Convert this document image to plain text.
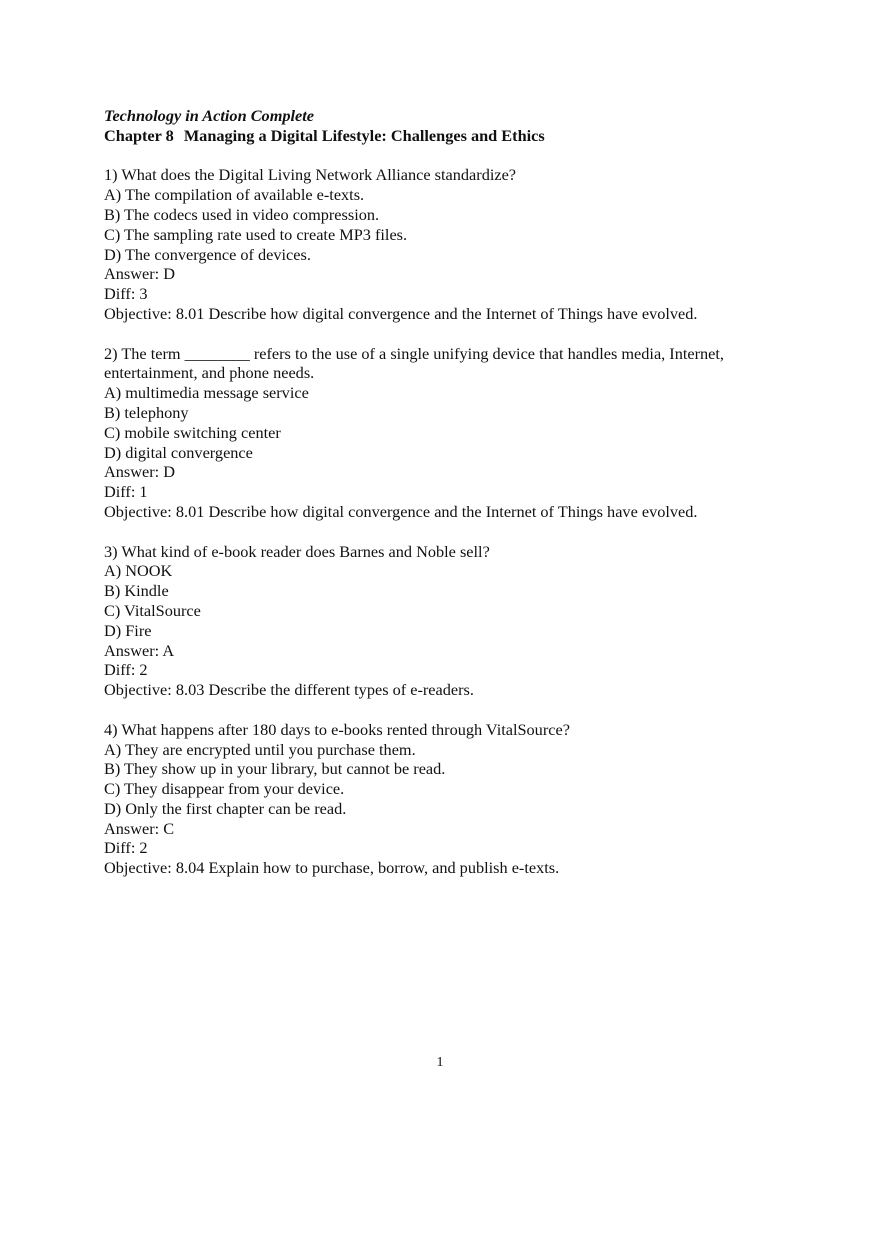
Technology in Action Complete

Chapter 8 Managing a Digital Lifestyle: Challenges and Ethics

1) What does the Digital Living Network Alliance standardize?

A) The compilation of available e-texts.

B) The codecs used in video compression.

C) The sampling rate used to create MP3 files.

D) The convergence of devices.

Answer: D

Diff: 3

Objective: 8.01 Describe how digital convergence and the Internet of Things have evolved.

2) The term ________ refers to the use of a single unifying device that handles media, Internet, entertainment, and phone needs.

A) multimedia message service

B) telephony

C) mobile switching center

D) digital convergence

Answer: D

Diff: 1

Objective: 8.01 Describe how digital convergence and the Internet of Things have evolved.

3) What kind of e-book reader does Barnes and Noble sell?

A) NOOK

B) Kindle

C) VitalSource

D) Fire

Answer: A

Diff: 2

Objective: 8.03 Describe the different types of e-readers.

4) What happens after 180 days to e-books rented through VitalSource?

A) They are encrypted until you purchase them.

B) They show up in your library, but cannot be read.

C) They disappear from your device.

D) Only the first chapter can be read.

Answer: C

Diff: 2

Objective: 8.04 Explain how to purchase, borrow, and publish e-texts.

1
